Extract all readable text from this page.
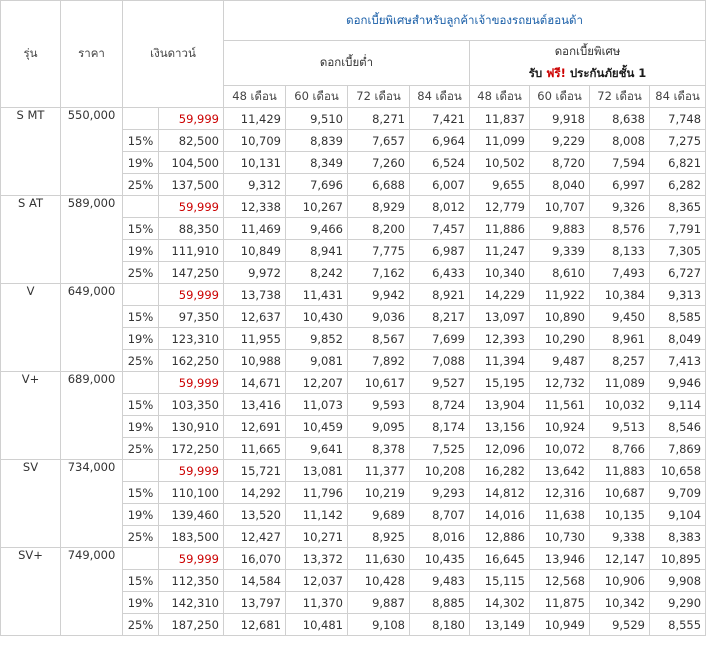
รุ่น	ราคา	เงินดาวน์		ดอกเบี้ยพิเศษสำหรับลูกค้าเจ้าของรถยนต์ฮอนด้า							
				ดอกเบี้ยต่ำ				ดอกเบี้ยพิเศษ
รับ ฟรี! ประกันภัยชั้น 1			

				48 เดือน	60 เดือน	72 เดือน	84 เดือน	48 เดือน	60 เดือน	72 เดือน	84 เดือน
S MT	550,000		59,999	11,429	9,510	8,271	7,421	11,837	9,918	8,638	7,748
		15%	82,500	10,709	8,839	7,657	6,964	11,099	9,229	8,008	7,275
		19%	104,500	10,131	8,349	7,260	6,524	10,502	8,720	7,594	6,821
		25%	137,500	9,312	7,696	6,688	6,007	9,655	8,040	6,997	6,282
S AT	589,000		59,999	12,338	10,267	8,929	8,012	12,779	10,707	9,326	8,365
		15%	88,350	11,469	9,466	8,200	7,457	11,886	9,883	8,576	7,791
		19%	111,910	10,849	8,941	7,775	6,987	11,247	9,339	8,133	7,305
		25%	147,250	9,972	8,242	7,162	6,433	10,340	8,610	7,493	6,727
V	649,000		59,999	13,738	11,431	9,942	8,921	14,229	11,922	10,384	9,313
		15%	97,350	12,637	10,430	9,036	8,217	13,097	10,890	9,450	8,585
		19%	123,310	11,955	9,852	8,567	7,699	12,393	10,290	8,961	8,049
		25%	162,250	10,988	9,081	7,892	7,088	11,394	9,487	8,257	7,413
V+	689,000		59,999	14,671	12,207	10,617	9,527	15,195	12,732	11,089	9,946
		15%	103,350	13,416	11,073	9,593	8,724	13,904	11,561	10,032	9,114
		19%	130,910	12,691	10,459	9,095	8,174	13,156	10,924	9,513	8,546
		25%	172,250	11,665	9,641	8,378	7,525	12,096	10,072	8,766	7,869
SV	734,000		59,999	15,721	13,081	11,377	10,208	16,282	13,642	11,883	10,658
		15%	110,100	14,292	11,796	10,219	9,293	14,812	12,316	10,687	9,709
		19%	139,460	13,520	11,142	9,689	8,707	14,016	11,638	10,135	9,104
		25%	183,500	12,427	10,271	8,925	8,016	12,886	10,730	9,338	8,383
SV+	749,000		59,999	16,070	13,372	11,630	10,435	16,645	13,946	12,147	10,895
		15%	112,350	14,584	12,037	10,428	9,483	15,115	12,568	10,906	9,908
		19%	142,310	13,797	11,370	9,887	8,885	14,302	11,875	10,342	9,290
		25%	187,250	12,681	10,481	9,108	8,180	13,149	10,949	9,529	8,555
